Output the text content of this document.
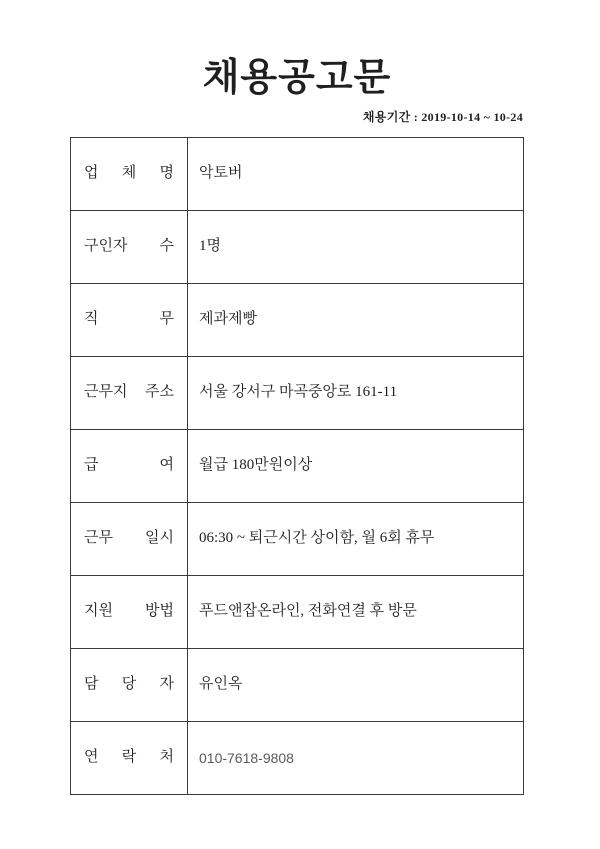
채용공고문
채용기간 : 2019-10-14 ~ 10-24
업 체 명	악토버
구인자 수	1명
직 무	제과제빵
근무지 주소	서울 강서구 마곡중앙로 161-11
급 여	월급 180만원이상
근무 일시	06:30 ~ 퇴근시간 상이함, 월 6회 휴무
지원 방법	푸드앤잡온라인, 전화연결 후 방문
담 당 자	유인옥
연 락 처	010-7618-9808
